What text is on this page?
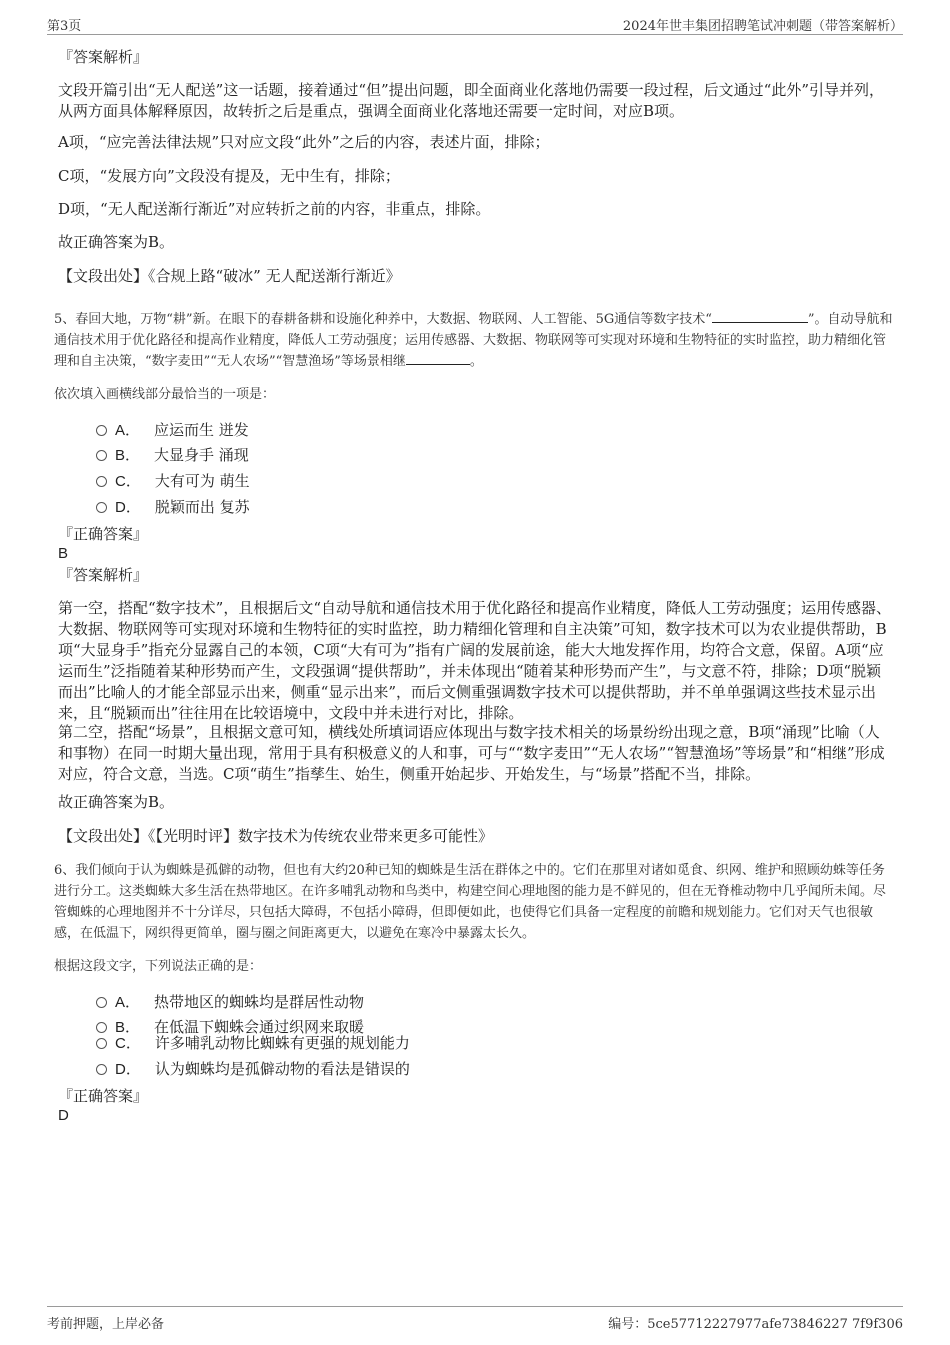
第3页	2024年世丰集团招聘笔试冲刺题（带答案解析）
『答案解析』
文段开篇引出“无人配送”这一话题，接着通过“但”提出问题，即全面商业化落地仍需要一段过程，后文通过“此外”引导并列，从两方面具体解释原因，故转折之后是重点，强调全面商业化落地还需要一定时间，对应B项。
A项，“应完善法律法规”只对应文段“此外”之后的内容，表述片面，排除；
C项，“发展方向”文段没有提及，无中生有，排除；
D项，“无人配送渐行渐近”对应转折之前的内容，非重点，排除。
故正确答案为B。
【文段出处】《合规上路“破冰” 无人配送渐行渐近》
5、春回大地，万物“耕”新。在眼下的春耕备耕和设施化种养中，大数据、物联网、人工智能、5G通信等数字技术“	”。自动导航和通信技术用于优化路径和提高作业精度，降低人工劳动强度；运用传感器、大数据、物联网等可实现对环境和生物特征的实时监控，助力精细化管理和自主决策，“数字麦田”“无人农场”“智慧渔场”等场景相继	。
依次填入画横线部分最恰当的一项是：
A． 应运而生 迸发
B． 大显身手 涌现
C． 大有可为 萌生
D． 脱颖而出 复苏
『正确答案』
B
『答案解析』
第一空，搭配“数字技术”，且根据后文“自动导航和通信技术用于优化路径和提高作业精度，降低人工劳动强度；运用传感器、大数据、物联网等可实现对环境和生物特征的实时监控，助力精细化管理和自主决策”可知，数字技术可以为农业提供帮助，B项“大显身手”指充分显露自己的本领，C项“大有可为”指有广阔的发展前途，能大大地发挥作用，均符合文意，保留。A项“应运而生”泛指随着某种形势而产生，文段强调“提供帮助”，并未体现出“随着某种形势而产生”，与文意不符，排除；D项“脱颖而出”比喻人的才能全部显示出来，侧重“显示出来”，而后文侧重强调数字技术可以提供帮助，并不单单强调这些技术显示出来，且“脱颖而出”往往用在比较语境中，文段中并未进行对比，排除。
第二空，搭配“场景”，且根据文意可知，横线处所填词语应体现出与数字技术相关的场景纷纷出现之意，B项“涌现”比喻（人和事物）在同一时期大量出现，常用于具有积极意义的人和事，可与““数字麦田”“无人农场”“智慧渔场”等场景”和“相继”形成对应，符合文意，当选。C项“萌生”指孳生、始生，侧重开始起步、开始发生，与“场景”搭配不当，排除。
故正确答案为B。
【文段出处】《【光明时评】数字技术为传统农业带来更多可能性》
6、我们倾向于认为蜘蛛是孤僻的动物，但也有大约20种已知的蜘蛛是生活在群体之中的。它们在那里对诸如觅食、织网、维护和照顾幼蛛等任务进行分工。这类蜘蛛大多生活在热带地区。在许多哺乳动物和鸟类中，构建空间心理地图的能力是不鲜见的，但在无脊椎动物中几乎闻所未闻。尽管蜘蛛的心理地图并不十分详尽，只包括大障碍，不包括小障碍，但即便如此，也使得它们具备一定程度的前瞻和规划能力。它们对天气也很敏感，在低温下，网织得更简单，圈与圈之间距离更大，以避免在寒冷中暴露太长久。
根据这段文字，下列说法正确的是：
A． 热带地区的蜘蛛均是群居性动物
B． 在低温下蜘蛛会通过织网来取暖
C． 许多哺乳动物比蜘蛛有更强的规划能力
D． 认为蜘蛛均是孤僻动物的看法是错误的
『正确答案』
D
考前押题，上岸必备	编号：5ce57712227977afe73846227 7f9f306
